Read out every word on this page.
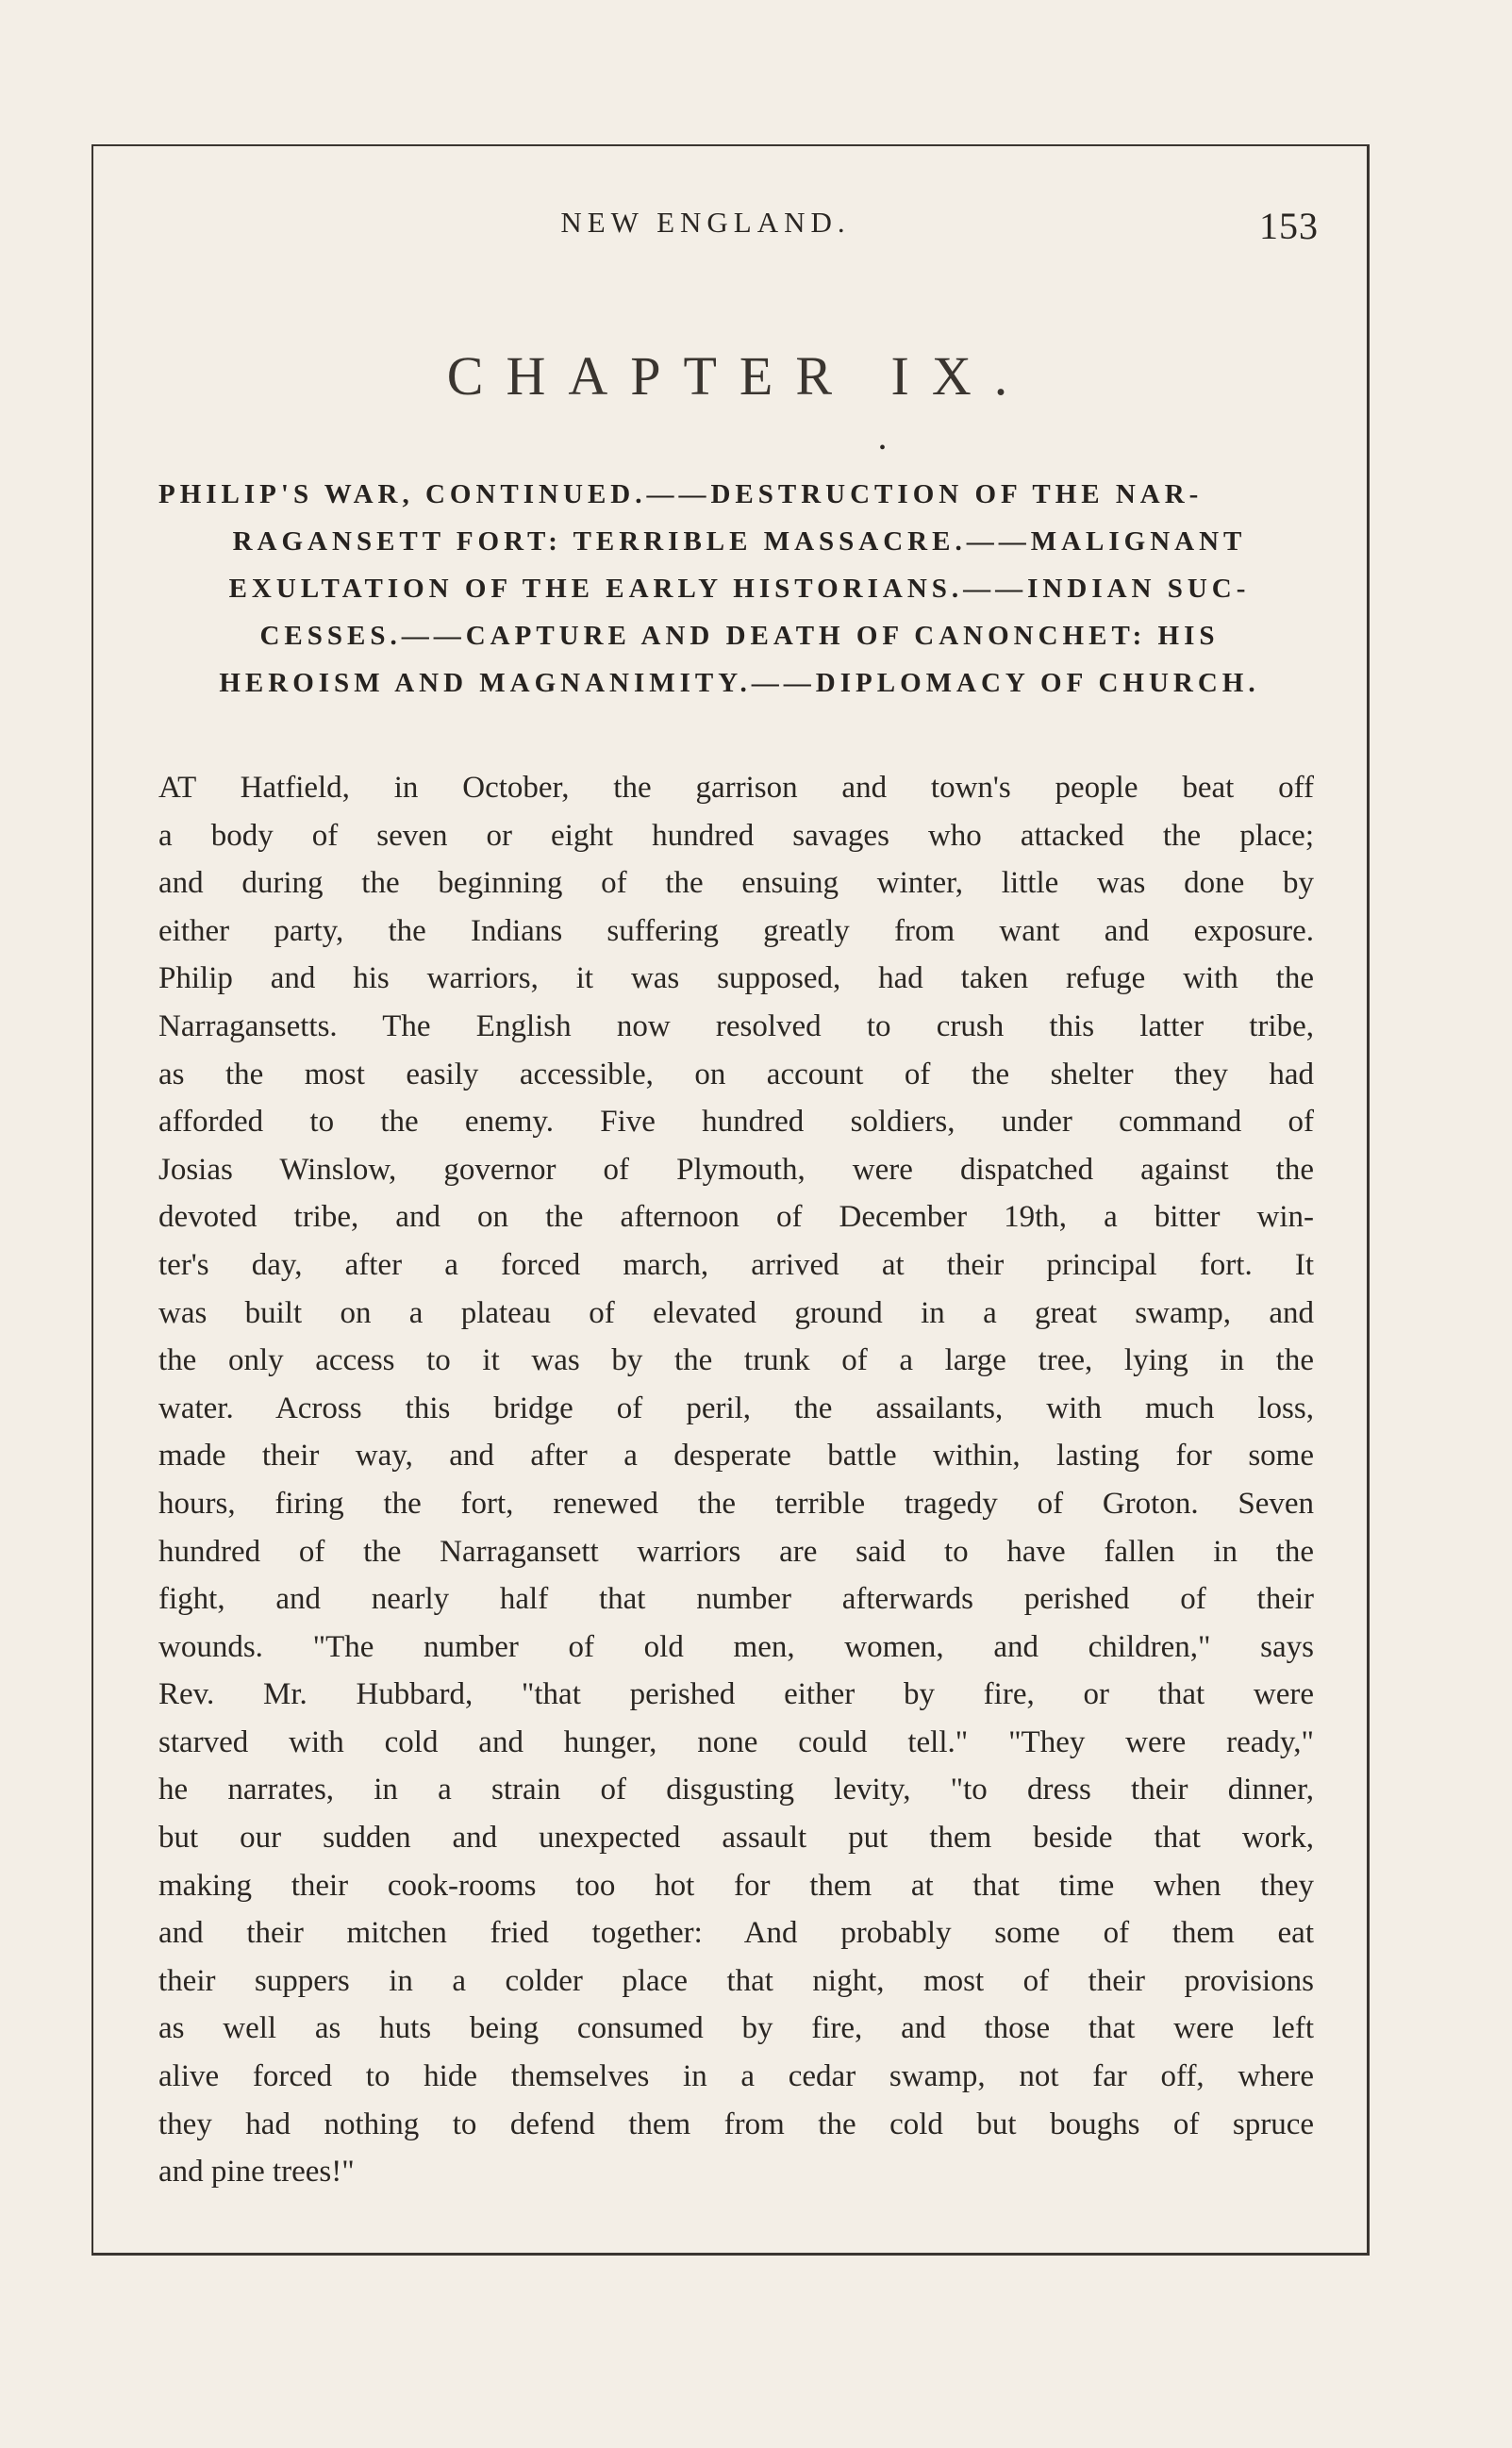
NEW ENGLAND.	153
CHAPTER IX.
•
PHILIP'S WAR, CONTINUED.——DESTRUCTION OF THE NAR-
RAGANSETT FORT: TERRIBLE MASSACRE.——MALIGNANT
EXULTATION OF THE EARLY HISTORIANS.——INDIAN SUC-
CESSES.——CAPTURE AND DEATH OF CANONCHET: HIS
HEROISM AND MAGNANIMITY.——DIPLOMACY OF CHURCH.
AT Hatfield, in October, the garrison and town's people beat off
a body of seven or eight hundred savages who attacked the place;
and during the beginning of the ensuing winter, little was done by
either party, the Indians suffering greatly from want and exposure.
Philip and his warriors, it was supposed, had taken refuge with the
Narragansetts. The English now resolved to crush this latter tribe,
as the most easily accessible, on account of the shelter they had
afforded to the enemy. Five hundred soldiers, under command of
Josias Winslow, governor of Plymouth, were dispatched against the
devoted tribe, and on the afternoon of December 19th, a bitter win-
ter's day, after a forced march, arrived at their principal fort. It
was built on a plateau of elevated ground in a great swamp, and
the only access to it was by the trunk of a large tree, lying in the
water. Across this bridge of peril, the assailants, with much loss,
made their way, and after a desperate battle within, lasting for some
hours, firing the fort, renewed the terrible tragedy of Groton. Seven
hundred of the Narragansett warriors are said to have fallen in the
fight, and nearly half that number afterwards perished of their
wounds. "The number of old men, women, and children," says
Rev. Mr. Hubbard, "that perished either by fire, or that were
starved with cold and hunger, none could tell." "They were ready,"
he narrates, in a strain of disgusting levity, "to dress their dinner,
but our sudden and unexpected assault put them beside that work,
making their cook-rooms too hot for them at that time when they
and their mitchen fried together: And probably some of them eat
their suppers in a colder place that night, most of their provisions
as well as huts being consumed by fire, and those that were left
alive forced to hide themselves in a cedar swamp, not far off, where
they had nothing to defend them from the cold but boughs of spruce
and pine trees!"
